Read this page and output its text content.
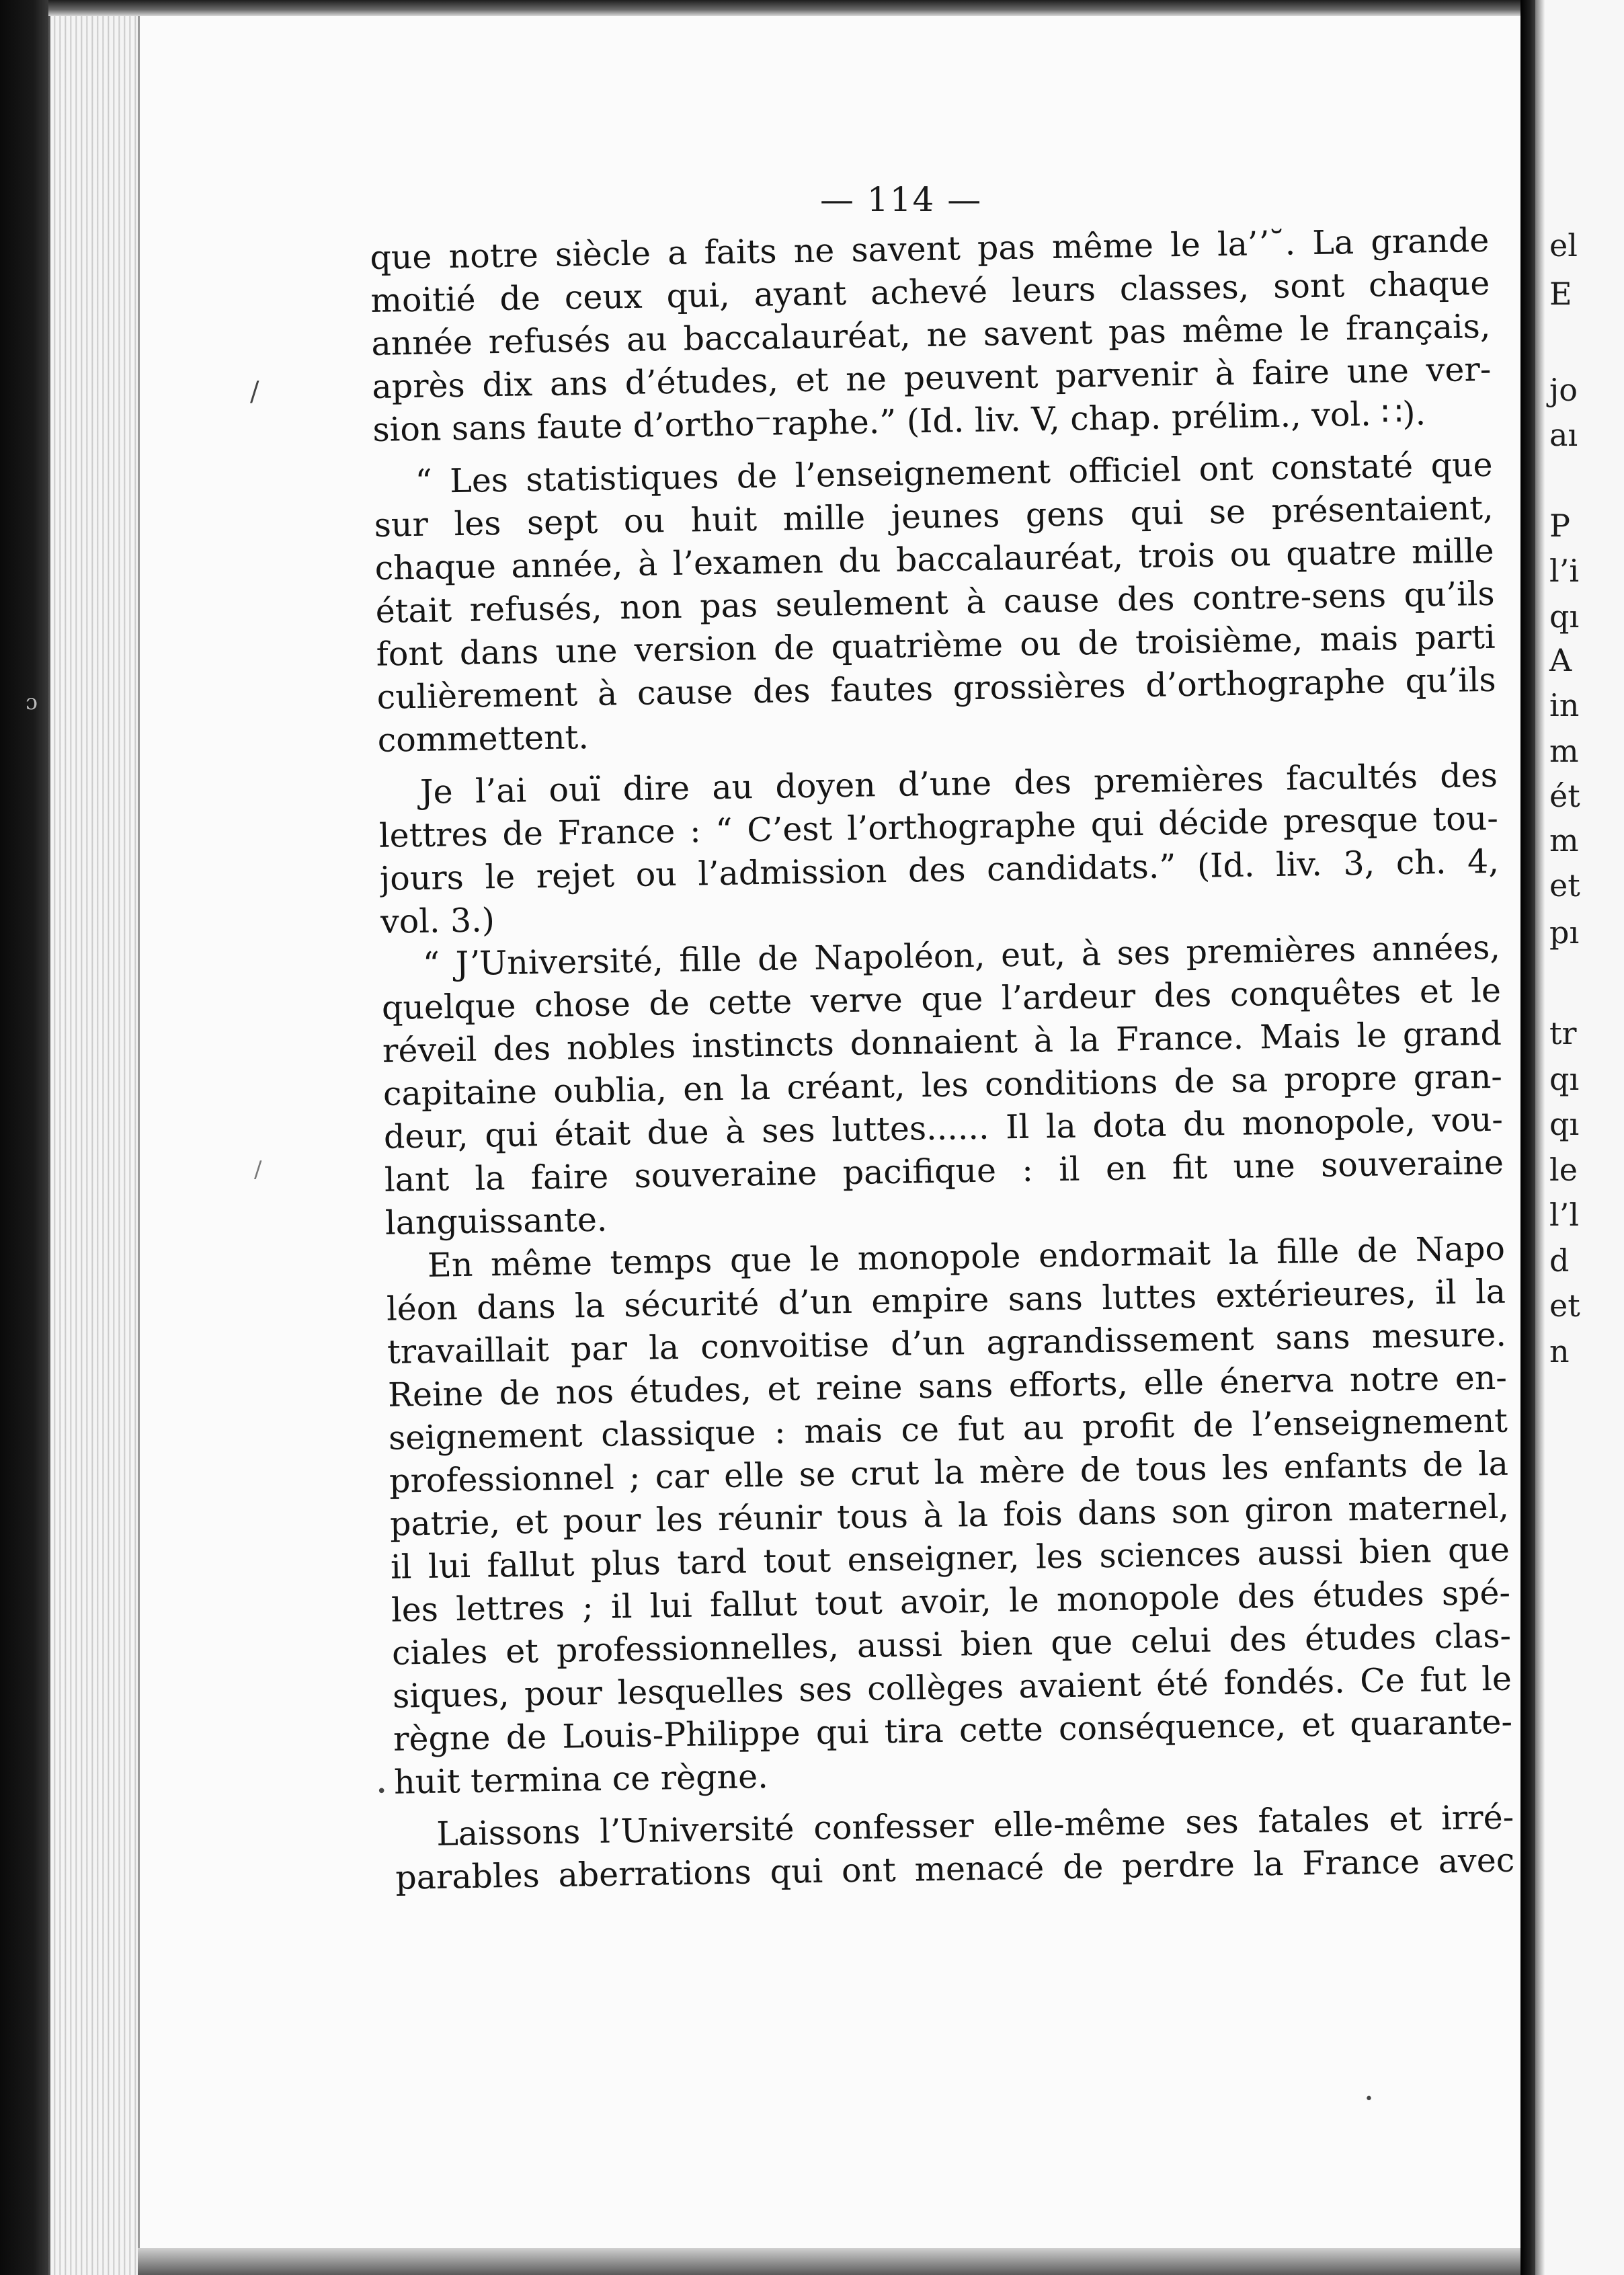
— 114 —
que notre siècle a faits ne savent pas même le la’ʼ˘. La grande
moitié de ceux qui, ayant achevé leurs classes, sont chaque
année refusés au baccalauréat, ne savent pas même le français,
après dix ans d’études, et ne peuvent parvenir à faire une ver-
sion sans faute d’ortho⁻raphe.” (Id. liv. V, chap. prélim., vol. ∷).
“ Les statistiques de l’enseignement officiel ont constaté que
sur les sept ou huit mille jeunes gens qui se présentaient,
chaque année, à l’examen du baccalauréat, trois ou quatre mille
était refusés, non pas seulement à cause des contre-sens qu’ils
font dans une version de quatrième ou de troisième, mais parti
culièrement à cause des fautes grossières d’orthographe qu’ils
commettent.
Je l’ai ouï dire au doyen d’une des premières facultés des
lettres de France : “ C’est l’orthographe qui décide presque tou-
jours le rejet ou l’admission des candidats.” (Id. liv. 3, ch. 4,
vol. 3.)
“ JʼUniversité, fille de Napoléon, eut, à ses premières années,
quelque chose de cette verve que l’ardeur des conquêtes et le
réveil des nobles instincts donnaient à la France. Mais le grand
capitaine oublia, en la créant, les conditions de sa propre gran-
deur, qui était due à ses luttes...... Il la dota du monopole, vou-
lant la faire souveraine pacifique : il en fit une souveraine
languissante.
En même temps que le monopole endormait la fille de Napo
léon dans la sécurité d’un empire sans luttes extérieures, il la
travaillait par la convoitise d’un agrandissement sans mesure.
Reine de nos études, et reine sans efforts, elle énerva notre en-
seignement classique : mais ce fut au profit de l’enseignement
professionnel ; car elle se crut la mère de tous les enfants de la
patrie, et pour les réunir tous à la fois dans son giron maternel,
il lui fallut plus tard tout enseigner, les sciences aussi bien que
les lettres ; il lui fallut tout avoir, le monopole des études spé-
ciales et professionnelles, aussi bien que celui des études clas-
siques, pour lesquelles ses collèges avaient été fondés. Ce fut le
règne de Louis-Philippe qui tira cette conséquence, et quarante-
huit termina ce règne.
Laissons l’Université confesser elle-même ses fatales et irré-
parables aberrations qui ont menacé de perdre la France avec
/
ɔ
/
•
•
el
E
jo
aı
P
l’i
qı
A
in
m
ét
m
et
pı
tr
qı
qı
le
l’l
d
et
n
